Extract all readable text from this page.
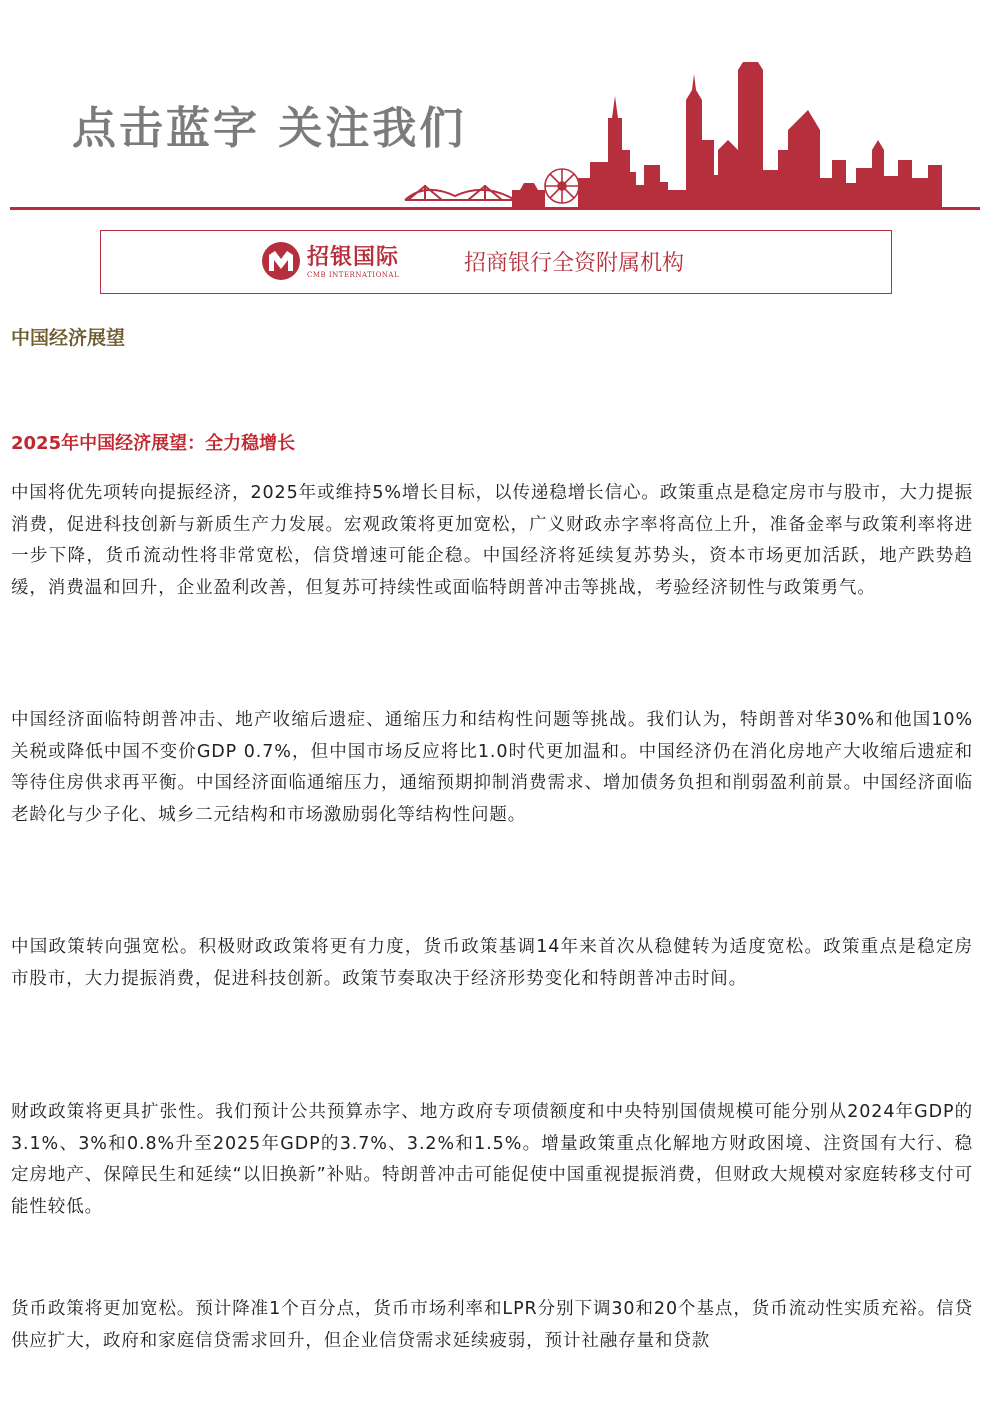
点击蓝字 关注我们
招银国际
CMB INTERNATIONAL	招商银行全资附属机构
中国经济展望
2025年中国经济展望：全力稳增长

中国将优先项转向提振经济，2025年或维持5%增长目标，以传递稳增长信心。政策重点是稳定房市与股市，大力提振消费，促进科技创新与新质生产力发展。宏观政策将更加宽松，广义财政赤字率将高位上升，准备金率与政策利率将进一步下降，货币流动性将非常宽松，信贷增速可能企稳。中国经济将延续复苏势头，资本市场更加活跃，地产跌势趋缓，消费温和回升，企业盈利改善，但复苏可持续性或面临特朗普冲击等挑战，考验经济韧性与政策勇气。

中国经济面临特朗普冲击、地产收缩后遗症、通缩压力和结构性问题等挑战。我们认为，特朗普对华30%和他国10%关税或降低中国不变价GDP 0.7%，但中国市场反应将比1.0时代更加温和。中国经济仍在消化房地产大收缩后遗症和等待住房供求再平衡。中国经济面临通缩压力，通缩预期抑制消费需求、增加债务负担和削弱盈利前景。中国经济面临老龄化与少子化、城乡二元结构和市场激励弱化等结构性问题。

中国政策转向强宽松。积极财政政策将更有力度，货币政策基调14年来首次从稳健转为适度宽松。政策重点是稳定房市股市，大力提振消费，促进科技创新。政策节奏取决于经济形势变化和特朗普冲击时间。

财政政策将更具扩张性。我们预计公共预算赤字、地方政府专项债额度和中央特别国债规模可能分别从2024年GDP的3.1%、3%和0.8%升至2025年GDP的3.7%、3.2%和1.5%。增量政策重点化解地方财政困境、注资国有大行、稳定房地产、保障民生和延续“以旧换新”补贴。特朗普冲击可能促使中国重视提振消费，但财政大规模对家庭转移支付可能性较低。

货币政策将更加宽松。预计降准1个百分点，货币市场利率和LPR分别下调30和20个基点，货币流动性实质充裕。信贷供应扩大，政府和家庭信贷需求回升，但企业信贷需求延续疲弱，预计社融存量和贷款
